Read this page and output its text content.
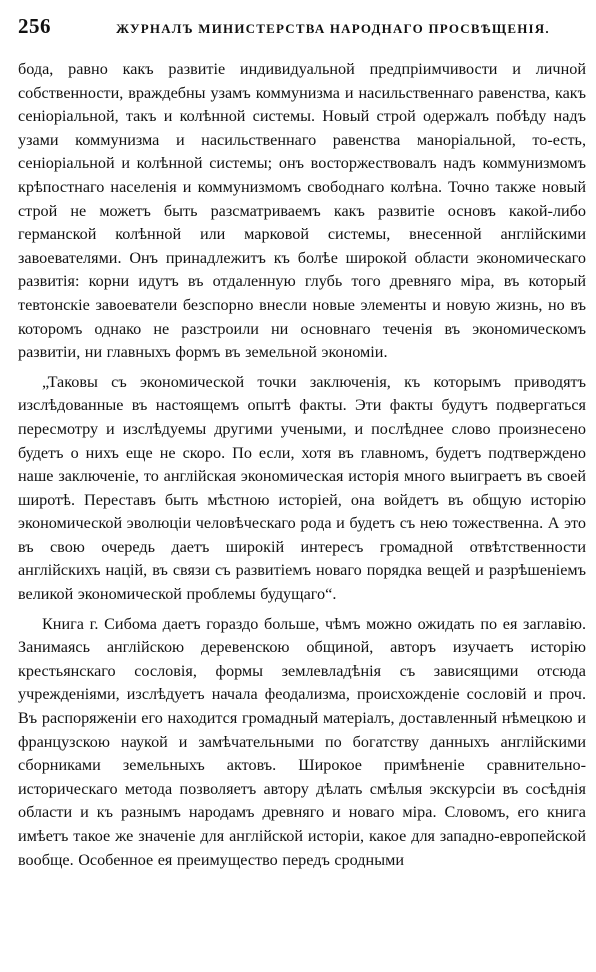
256	ЖУРНАЛЪ МИНИСТЕРСТВА НАРОДНАГО ПРОСВѢЩЕНІЯ.

бода, равно какъ развитіе индивидуальной предпріимчивости и личной собственности, враждебны узамъ коммунизма и насильственнаго равенства, какъ сеніоріальной, такъ и колѣнной системы. Новый строй одержалъ побѣду надъ узами коммунизма и насильственнаго равенства маноріальной, то-есть, сеніоріальной и колѣнной системы; онъ восторжествовалъ надъ коммунизмомъ крѣпостнаго населенія и коммунизмомъ свободнаго колѣна. Точно также новый строй не можетъ быть разсматриваемъ какъ развитіе основъ какой-либо германской колѣнной или марковой системы, внесенной англійскими завоевателями. Онъ принадлежитъ къ болѣе широкой области экономическаго развитія: корни идутъ въ отдаленную глубь того древняго міра, въ который тевтонскіе завоеватели безспорно внесли новые элементы и новую жизнь, но въ которомъ однако не разстроили ни основнаго теченія въ экономическомъ развитіи, ни главныхъ формъ въ земельной экономіи.

„Таковы съ экономической точки заключенія, къ которымъ приводятъ изслѣдованные въ настоящемъ опытѣ факты. Эти факты будутъ подвергаться пересмотру и изслѣдуемы другими учеными, и послѣднее слово произнесено будетъ о нихъ еще не скоро. По если, хотя въ главномъ, будетъ подтверждено наше заключеніе, то англійская экономическая исторія много выиграетъ въ своей широтѣ. Переставъ быть мѣстною исторіей, она войдетъ въ общую исторію экономической эволюціи человѣческаго рода и будетъ съ нею тожественна. А это въ свою очередь даетъ широкій интересъ громадной отвѣтственности англійскихъ націй, въ связи съ развитіемъ новаго порядка вещей и разрѣшеніемъ великой экономической проблемы будущаго“.

Книга г. Сибома даетъ гораздо больше, чѣмъ можно ожидать по ея заглавію. Занимаясь англійскою деревенскою общиной, авторъ изучаетъ исторію крестьянскаго сословія, формы землевладѣнія съ зависящими отсюда учрежденіями, изслѣдуетъ начала феодализма, происхожденіе сословій и проч. Въ распоряженіи его находится громадный матеріалъ, доставленный нѣмецкою и французскою наукой и замѣчательными по богатству данныхъ англійскими сборниками земельныхъ актовъ. Широкое примѣненіе сравнительно-историческаго метода позволяетъ автору дѣлать смѣлыя экскурсіи въ сосѣднія области и къ разнымъ народамъ древняго и новаго міра. Словомъ, его книга имѣетъ такое же значеніе для англійской исторіи, какое для западно-европейской вообще. Особенное ея преимущество передъ сродными
